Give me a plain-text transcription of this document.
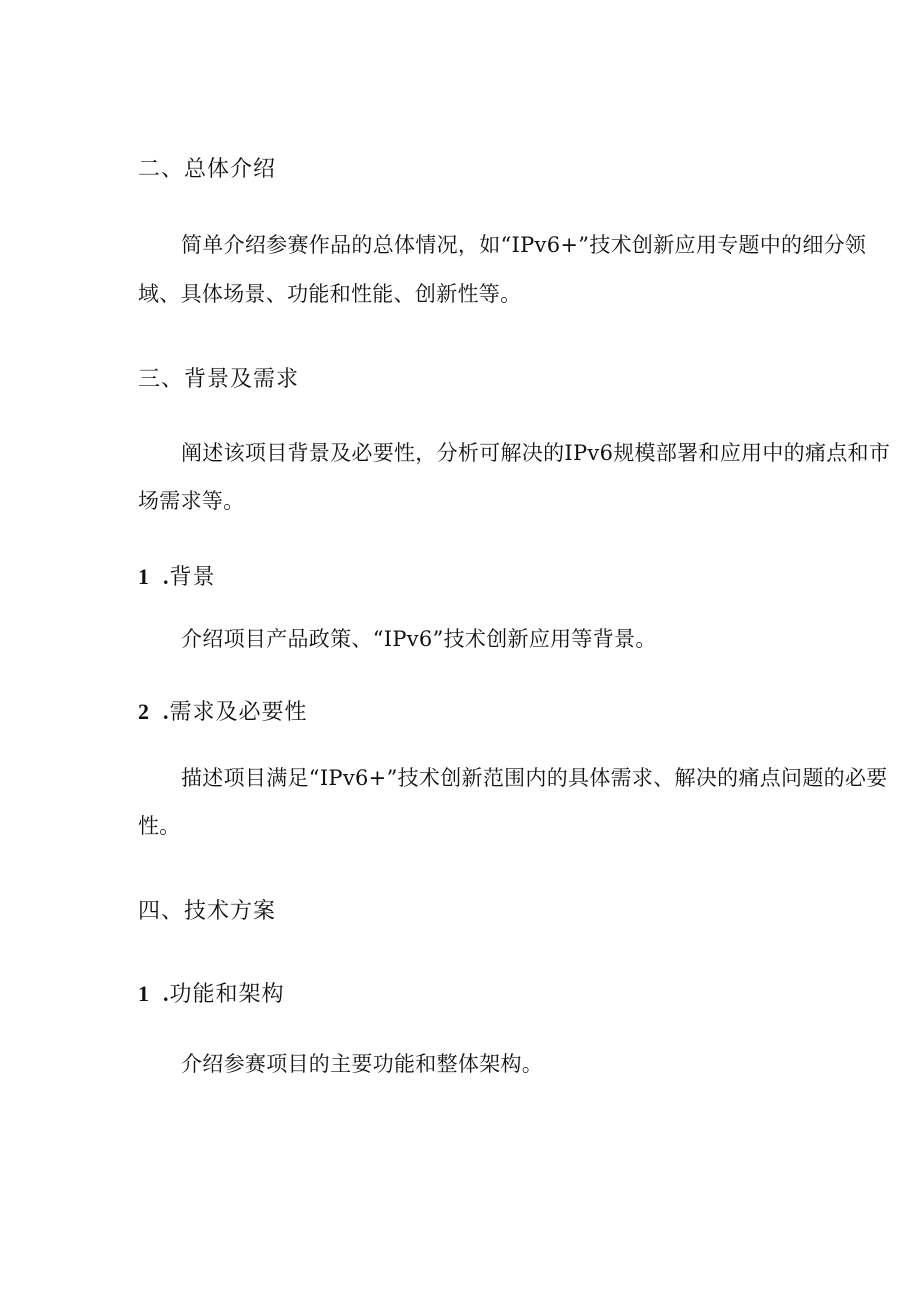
二、总体介绍
简单介绍参赛作品的总体情况，如“IPv6+”技术创新应用专题中的细分领
域、具体场景、功能和性能、创新性等。
三、背景及需求
阐述该项目背景及必要性，分析可解决的IPv6规模部署和应用中的痛点和市
场需求等。
1 .背景
介绍项目产品政策、“IPv6”技术创新应用等背景。
2 .需求及必要性
描述项目满足“IPv6+”技术创新范围内的具体需求、解决的痛点问题的必要
性。
四、技术方案
1 .功能和架构
介绍参赛项目的主要功能和整体架构。
